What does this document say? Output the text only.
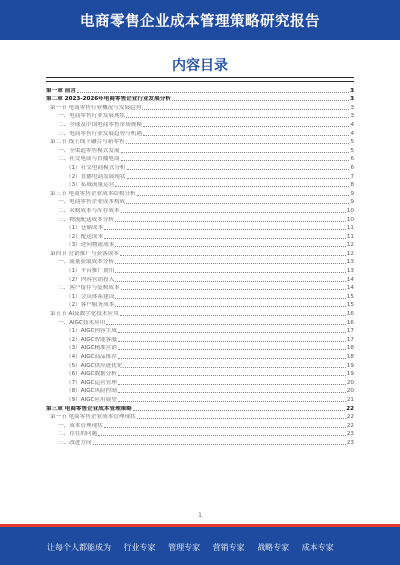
电商零售企业成本管理策略研究报告
内容目录
第一章 前言	3
第二章 2023-2026年电商零售企业行业发展分析	3
第一节 电商零售行业概况与发展趋势	3
一、电商零售行业发展现状	3
二、全球及中国电商零售市场规模	4
三、电商零售行业发展趋势与机遇	4
第二节 线上线下融合与新零售	5
一、全渠道零售模式发展	5
二、社交电商与直播电商	6
（1）社交电商模式分析	6
（2）直播电商发展现状	7
（3）私域流量运营	8
第三节 电商零售企业成本结构分析	9
一、电商零售企业成本构成	9
二、采购成本与库存成本	10
三、物流配送成本分析	10
（1）仓储成本	11
（2）配送成本	11
（3）逆向物流成本	12
第四节 营销推广与获客成本	12
一、流量获取成本分析	13
（1）平台推广费用	13
（2）内容营销投入	14
二、客户留存与复购成本	14
（1）会员体系建设	15
（2）客户服务成本	15
第五节 AI及数字化技术应用	16
一、AIGC技术应用	16
（1）AIGC内容生成	17
（2）AIGC智能客服	17
（3）AIGC精准营销	18
（4）AIGC商品推荐	18
（5）AIGC供应链优化	19
（6）AIGC数据分析	19
（7）AIGC运营管理	20
（8）AIGC风险控制	20
（9）AIGC应用展望	21
第三章 电商零售企业成本管理策略	22
第一节 电商零售企业成本管理现状	22
一、成本管理现状	22
二、存在的问题	23
三、改进方向	23
1
让每个人都能成为 行业专家 管理专家 营销专家 战略专家 成本专家
